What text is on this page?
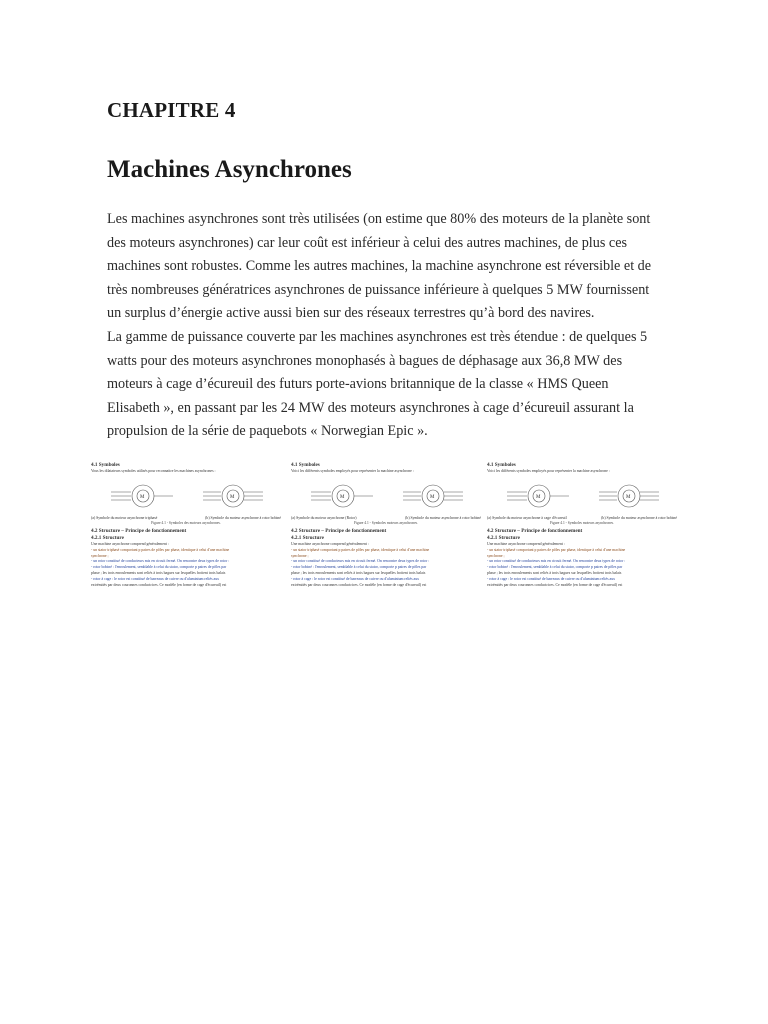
CHAPITRE 4
Machines Asynchrones
Les machines asynchrones sont très utilisées (on estime que 80% des moteurs de la planète sont
des moteurs asynchrones) car leur coût est inférieur à celui des autres machines, de plus ces
machines sont robustes. Comme les autres machines, la machine asynchrone est réversible et de
très nombreuses génératrices asynchrones de puissance inférieure à quelques 5 MW fournissent
un surplus d’énergie active aussi bien sur des réseaux terrestres qu’à bord des navires.
La gamme de puissance couverte par les machines asynchrones est très étendue : de quelques 5
watts pour des moteurs asynchrones monophasés à bagues de déphasage aux 36,8 MW des
moteurs à cage d’écureuil des futurs porte-avions britannique de la classe « HMS Queen
Elisabeth », en passant par les 24 MW des moteurs asynchrones à cage d’écureuil assurant la
propulsion de la série de paquebots « Norwegian Epic ».
4.1 Symboles
Vous les dilatateurs symboles utilisés pour reconnaitre les machines asynchrones :
M	M
(a) Symbole du moteur asynchrone triphasé	(b) Symbole du moteur asynchrone à rotor bobiné
Figure 4.1 - Symboles des moteurs asynchrones.
4.2 Structure – Principe de fonctionnement
4.2.1 Structure
Une machine asynchrone comprend généralement :
- un stator triphasé comportant p paires de pôles par phase, identique à celui d'une machine
synchrone ;
- un rotor constitué de conducteurs mis en circuit fermé. On rencontre deux types de rotor :
- rotor bobiné : l'enroulement, semblable à celui du stator, comporte p paires de pôles par
phase ; les trois enroulements sont reliés à trois bagues sur lesquelles frottent trois balais
- rotor à cage : le rotor est constitué de barreaux de cuivre ou d'aluminium reliés aux
extrémités par deux couronnes conductrices. Ce modèle (en forme de cage d'écureuil) est
4.1 Symboles
Voici les différents symboles employés pour représenter la machine asynchrone :
M	M
(a) Symbole du moteur asynchrone (Rotor)	(b) Symbole du moteur asynchrone à rotor bobiné
Figure 4.1 - Symboles moteurs asynchrones.
4.2 Structure – Principe de fonctionnement
4.2.1 Structure
Une machine asynchrone comprend généralement :
- un stator triphasé comportant p paires de pôles par phase, identique à celui d'une machine
synchrone ;
- un rotor constitué de conducteurs mis en circuit fermé. On rencontre deux types de rotor :
- rotor bobiné : l'enroulement, semblable à celui du stator, comporte p paires de pôles par
phase ; les trois enroulements sont reliés à trois bagues sur lesquelles frottent trois balais
- rotor à cage : le rotor est constitué de barreaux de cuivre ou d'aluminium reliés aux
extrémités par deux couronnes conductrices. Ce modèle (en forme de cage d'écureuil) est
4.1 Symboles
Voici les différents symboles employés pour représenter la machine asynchrone :
M	M
(a) Symbole du moteur asynchrone à cage d'écureuil	(b) Symbole du moteur asynchrone à rotor bobiné
Figure 4.1 - Symboles moteurs asynchrones.
4.2 Structure – Principe de fonctionnement
4.2.1 Structure
Une machine asynchrone comprend généralement :
- un stator triphasé comportant p paires de pôles par phase, identique à celui d'une machine
synchrone ;
- un rotor constitué de conducteurs mis en circuit fermé. On rencontre deux types de rotor :
- rotor bobiné : l'enroulement, semblable à celui du stator, comporte p paires de pôles par
phase ; les trois enroulements sont reliés à trois bagues sur lesquelles frottent trois balais
- rotor à cage : le rotor est constitué de barreaux de cuivre ou d'aluminium reliés aux
extrémités par deux couronnes conductrices. Ce modèle (en forme de cage d'écureuil) est
